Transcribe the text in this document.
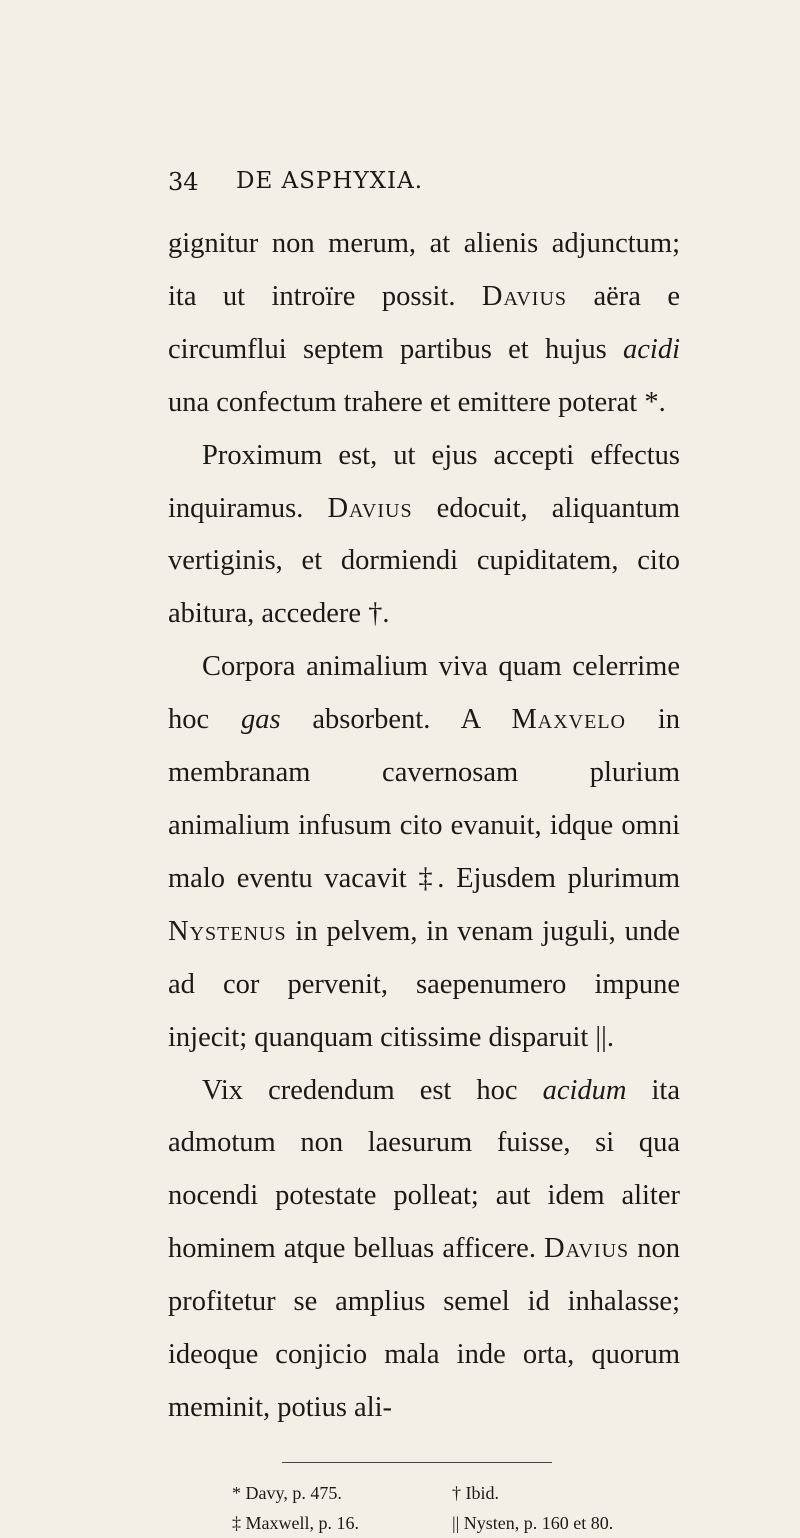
34 DE ASPHYXIA.

gignitur non merum, at alienis adjunctum; ita ut introïre possit. Davius aëra e circumflui septem partibus et hujus acidi una confectum trahere et emittere poterat *.

Proximum est, ut ejus accepti effectus inquiramus. Davius edocuit, aliquantum vertiginis, et dormiendi cupiditatem, cito abitura, accedere †.

Corpora animalium viva quam celerrime hoc gas absorbent. A Maxvelo in membranam cavernosam plurium animalium infusum cito evanuit, idque omni malo eventu vacavit ‡. Ejusdem plurimum Nystenus in pelvem, in venam juguli, unde ad cor pervenit, saepenumero impune injecit; quanquam citissime disparuit ||.

Vix credendum est hoc acidum ita admotum non laesurum fuisse, si qua nocendi potestate polleat; aut idem aliter hominem atque belluas afficere. Davius non profitetur se amplius semel id inhalasse; ideoque conjicio mala inde orta, quorum meminit, potius ali-

* Davy, p. 475.	† Ibid.
‡ Maxwell, p. 16.	|| Nysten, p. 160 et 80.
